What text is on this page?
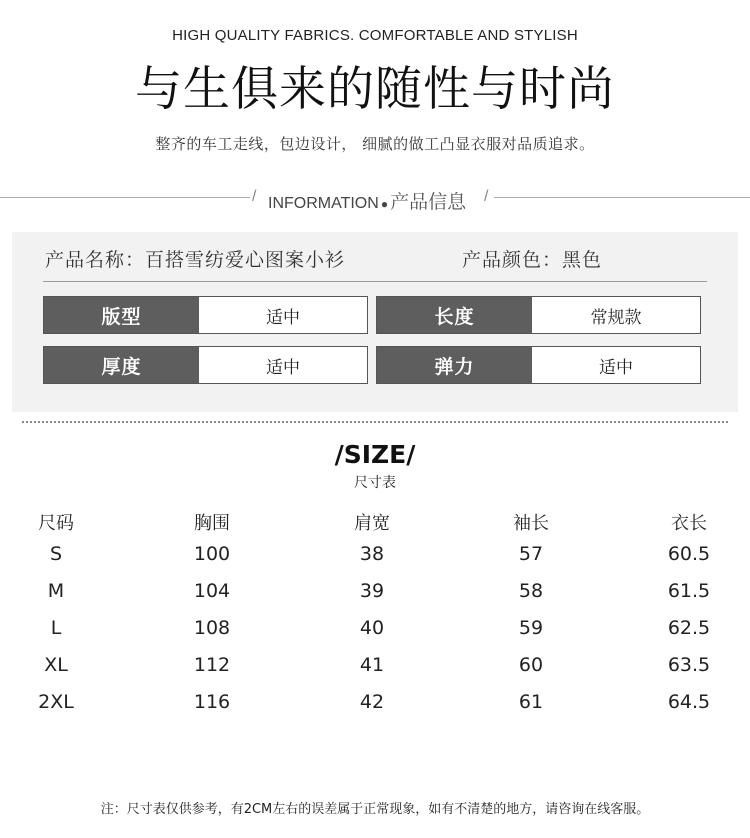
HIGH QUALITY FABRICS. COMFORTABLE AND STYLISH
与生俱来的随性与时尚
整齐的车工走线，包边设计， 细腻的做工凸显衣服对品质追求。
/ INFORMATION ● 产品信息 /
产品名称：百搭雪纺爱心图案小衫	产品颜色：黑色
版型	适中	长度	常规款
厚度	适中	弹力	适中
/SIZE/
尺寸表
尺码	胸围	肩宽	袖长	衣长
S	100	38	57	60.5
M	104	39	58	61.5
L	108	40	59	62.5
XL	112	41	60	63.5
2XL	116	42	61	64.5
注：尺寸表仅供参考，有2CM左右的误差属于正常现象，如有不清楚的地方，请咨询在线客服。
